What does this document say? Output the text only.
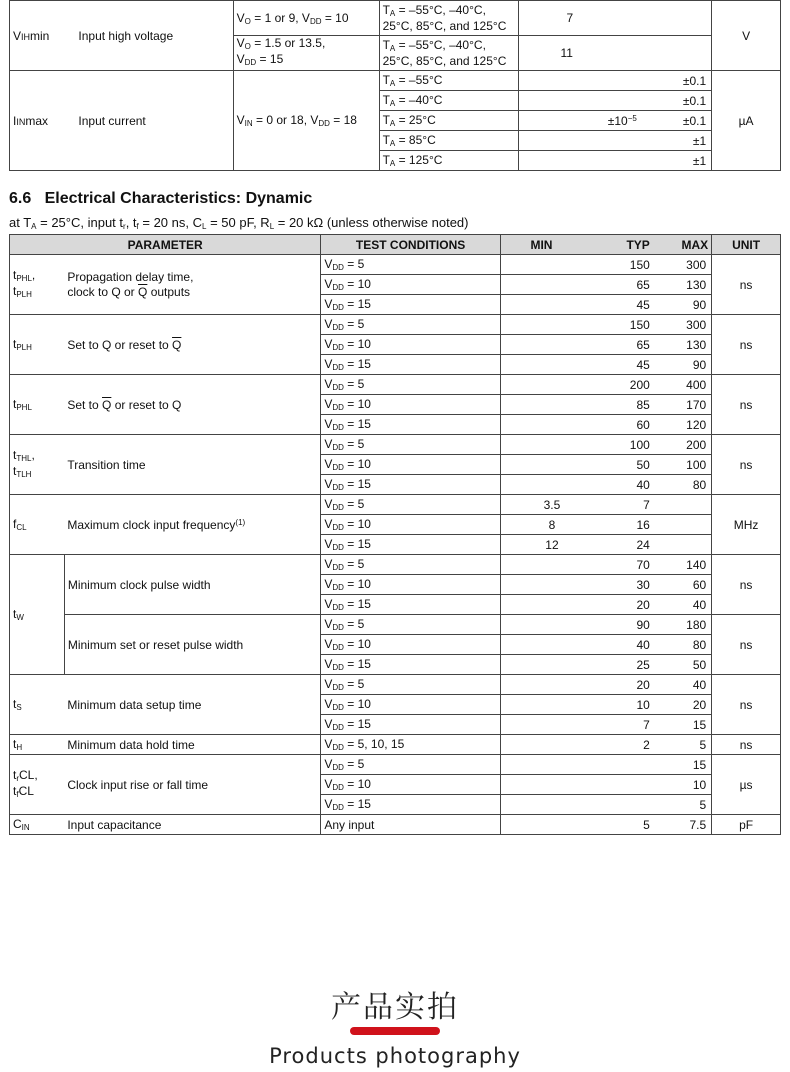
VIHmin	Input high voltage	$V_O = 1$ or 9, $V_{DD} = 10$	$T_A = -55^\circ C$, –40°C,
25°C, 85°C, and 125°C	7	V
		$V_O = 1.5$ or 13.5,
$V_{DD} = 15$	$T_A = -55^\circ C$, –40°C,
25°C, 85°C, and 125°C	11	
IINmax	Input current	$V_{IN} = 0$ or 18, $V_{DD} = 18$	$T_A = -55^\circ C$	±0.1	µA
			$T_A = -40^\circ C$	±0.1	
			$T_A = 25^\circ C$	$\pm 10^{-5} \pm 0.1$	
			$T_A = 85^\circ C$	±1	
			$T_A = 125^\circ C$	±1	
6.6   Electrical Characteristics: Dynamic
at $T_A = 25^\circ C$, input $t_r$, $t_f = 20$ ns, $C_L = 50$ pF, $R_L = 20$ kΩ (unless otherwise noted)
PARAMETER		TEST CONDITIONS	MIN	TYP	MAX	UNIT
$t_{PHL}$,
$t_{PLH}$	Propagation delay time,
clock to Q or $\overline{Q}$ outputs	$V_{DD} = 5$		150	300	ns
		$V_{DD} = 10$		65	130	
		$V_{DD} = 15$		45	90	
$t_{PLH}$	Set to Q or reset to $\overline{Q}$	$V_{DD} = 5$		150	300	ns
		$V_{DD} = 10$		65	130	
		$V_{DD} = 15$		45	90	
$t_{PHL}$	Set to $\overline{Q}$ or reset to Q	$V_{DD} = 5$		200	400	ns
		$V_{DD} = 10$		85	170	
		$V_{DD} = 15$		60	120	
$t_{THL}$,
$t_{TLH}$	Transition time	$V_{DD} = 5$		100	200	ns
		$V_{DD} = 10$		50	100	
		$V_{DD} = 15$		40	80	
$f_{CL}$	Maximum clock input frequency$^{(1)}$	$V_{DD} = 5$	3.5	7		MHz
		$V_{DD} = 10$	8	16		
		$V_{DD} = 15$	12	24		
$t_W$	Minimum clock pulse width	$V_{DD} = 5$		70	140	ns
		$V_{DD} = 10$		30	60	
		$V_{DD} = 15$		20	40	
	Minimum set or reset pulse width	$V_{DD} = 5$		90	180	ns
		$V_{DD} = 10$		40	80	
		$V_{DD} = 15$		25	50	
$t_S$	Minimum data setup time	$V_{DD} = 5$		20	40	ns
		$V_{DD} = 10$		10	20	
		$V_{DD} = 15$		7	15	
$t_H$	Minimum data hold time	$V_{DD} = 5$, 10, 15		2	5	ns
$t_rCL$,
$t_fCL$	Clock input rise or fall time	$V_{DD} = 5$			15	µs
		$V_{DD} = 10$			10	
		$V_{DD} = 15$			5	
$C_{IN}$	Input capacitance	Any input		5	7.5	pF
产品实拍
Products photography
